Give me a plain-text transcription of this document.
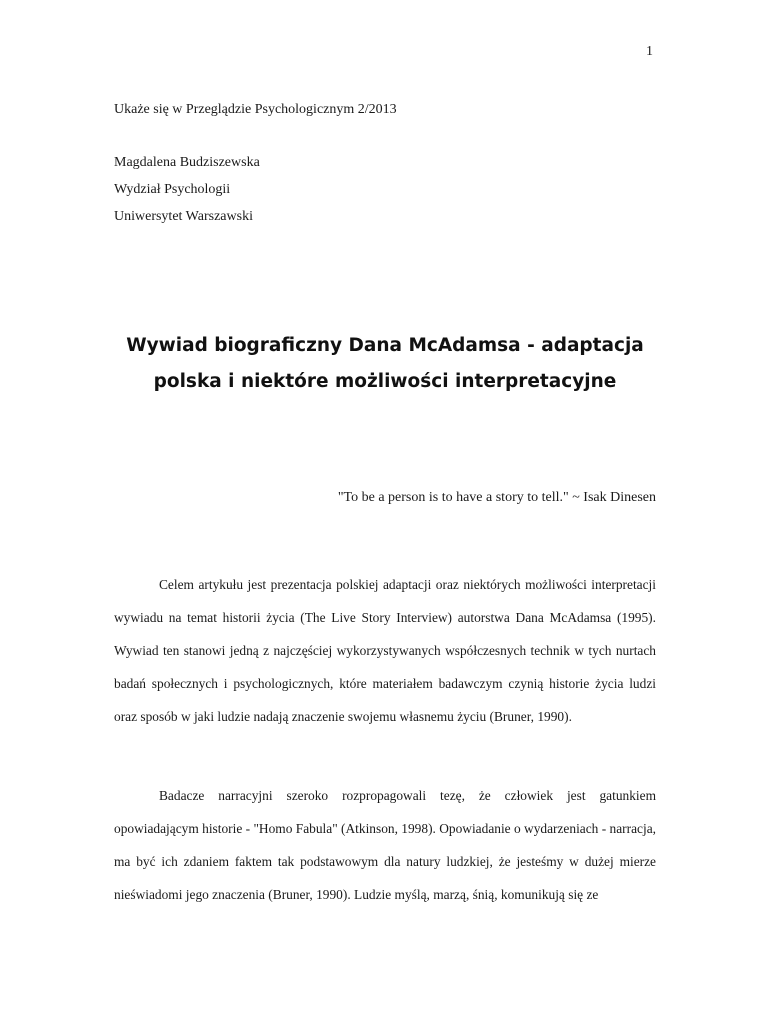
1
Ukaże się w Przeglądzie Psychologicznym 2/2013
Magdalena Budziszewska
Wydział Psychologii
Uniwersytet Warszawski
Wywiad biograficzny Dana McAdamsa - adaptacja polska i niektóre możliwości interpretacyjne
"To be a person is to have a story to tell." ~ Isak Dinesen

Celem artykułu jest prezentacja polskiej adaptacji oraz niektórych możliwości interpretacji wywiadu na temat historii życia (The Live Story Interview) autorstwa Dana McAdamsa (1995). Wywiad ten stanowi jedną z najczęściej wykorzystywanych współczesnych technik w tych nurtach badań społecznych i psychologicznych, które materiałem badawczym czynią historie życia ludzi oraz sposób w jaki ludzie nadają znaczenie swojemu własnemu życiu (Bruner, 1990).

Badacze narracyjni szeroko rozpropagowali tezę, że człowiek jest gatunkiem opowiadającym historie - "Homo Fabula" (Atkinson, 1998). Opowiadanie o wydarzeniach - narracja, ma być ich zdaniem faktem tak podstawowym dla natury ludzkiej, że jesteśmy w dużej mierze nieświadomi jego znaczenia (Bruner, 1990). Ludzie myślą, marzą, śnią, komunikują się ze
